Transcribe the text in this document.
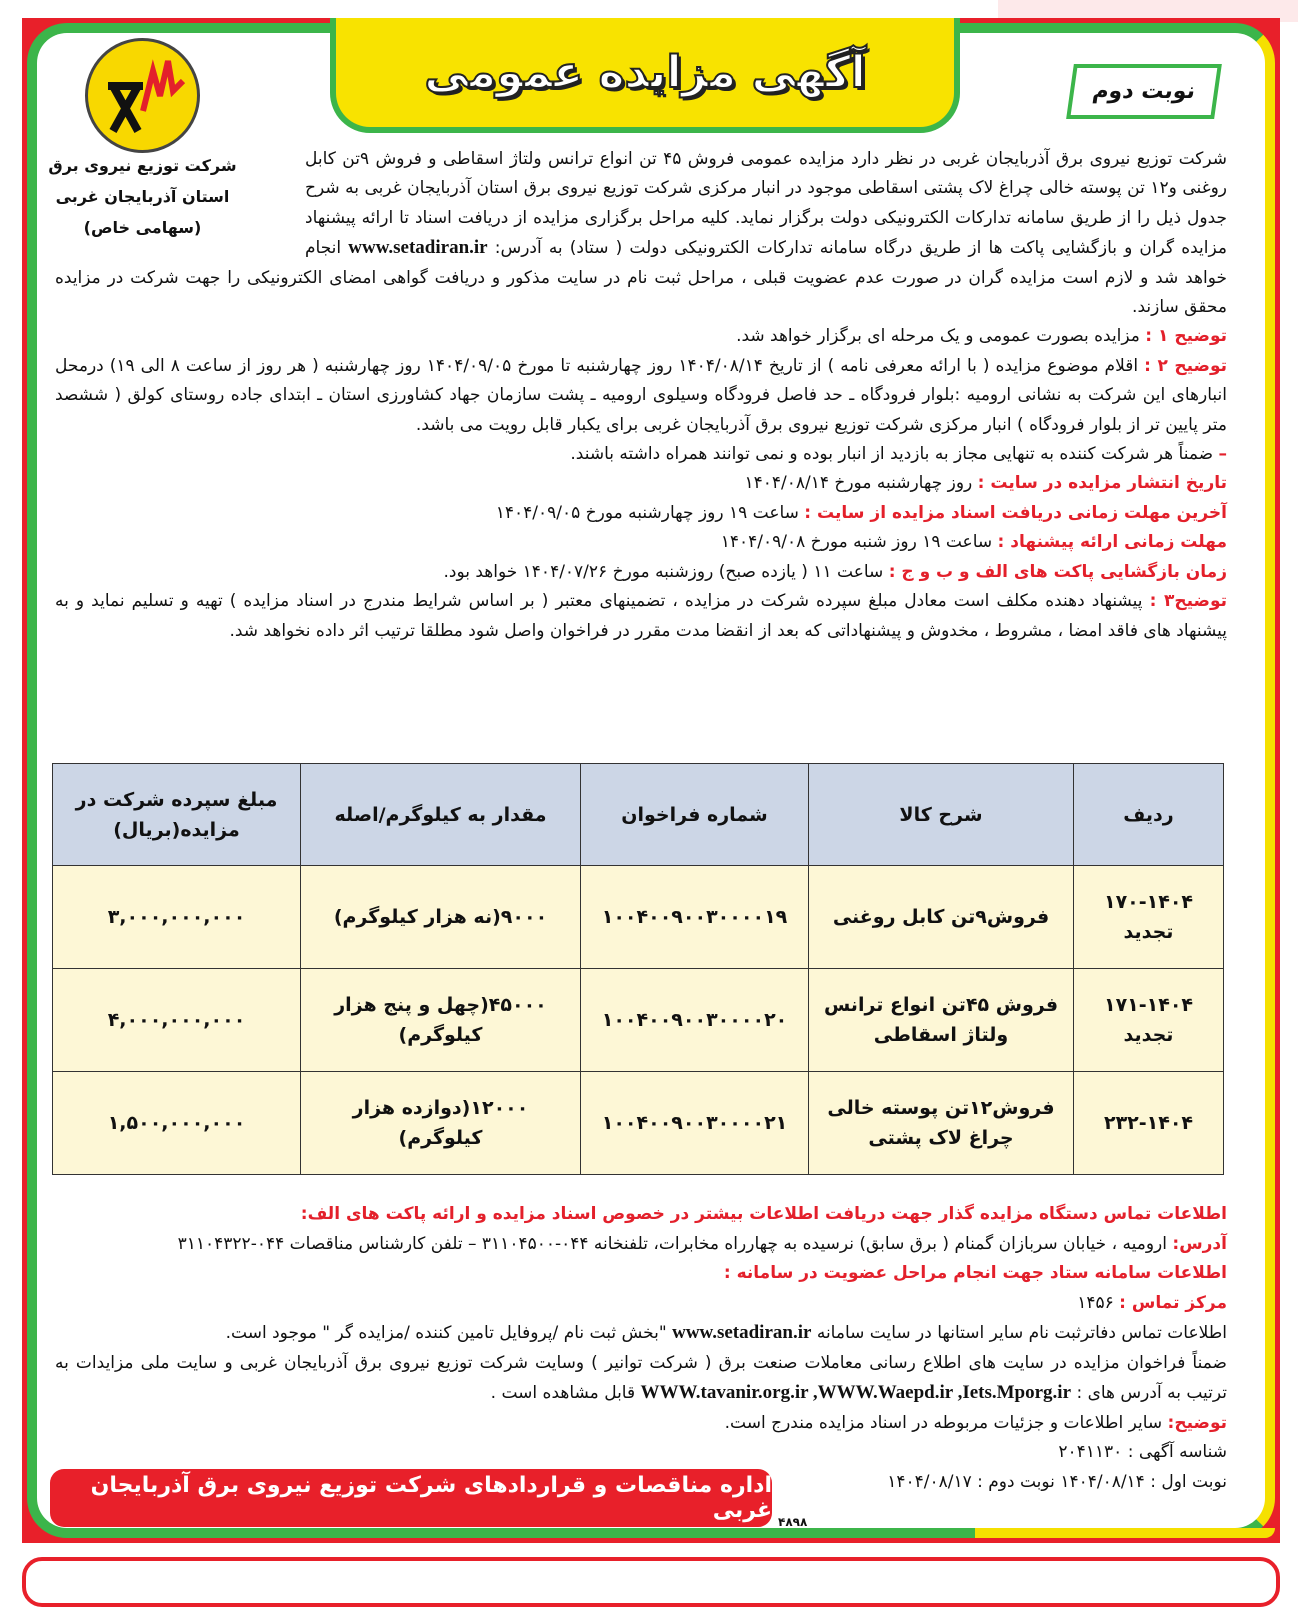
آگهی مزایده عمومی	نوبت دوم
شرکت توزیع نیروی برق
استان آذربایجان غربی
(سهامی خاص)

شرکت توزیع نیروی برق آذربایجان غربی در نظر دارد مزایده عمومی فروش ۴۵ تن انواع ترانس ولتاژ اسقاطی و فروش ۹تن کابل روغنی و۱۲ تن پوسته خالی چراغ لاک پشتی اسقاطی موجود در انبار مرکزی شرکت توزیع نیروی برق استان آذربایجان غربی به شرح جدول ذیل را از طریق سامانه تدارکات الکترونیکی دولت برگزار نماید. کلیه مراحل برگزاری مزایده از دریافت اسناد تا ارائه پیشنهاد مزایده گران و بازگشایی پاکت ها از طریق درگاه سامانه تدارکات الکترونیکی دولت ( ستاد) به آدرس: www.setadiran.ir انجام خواهد شد و لازم است مزایده گران در صورت عدم عضویت قبلی ، مراحل ثبت نام در سایت مذکور و دریافت گواهی امضای الکترونیکی را جهت شرکت در مزایده محقق سازند.

توضیح ۱ : مزایده بصورت عمومی و یک مرحله ای برگزار خواهد شد.

توضیح ۲ : اقلام موضوع مزایده ( با ارائه معرفی نامه ) از تاریخ ۱۴۰۴/۰۸/۱۴ روز چهارشنبه تا مورخ ۱۴۰۴/۰۹/۰۵ روز چهارشنبه ( هر روز از ساعت ۸ الی ۱۹) درمحل انبارهای این شرکت به نشانی ارومیه :بلوار فرودگاه ـ حد فاصل فرودگاه وسیلوی ارومیه ـ پشت سازمان جهاد کشاورزی استان ـ ابتدای جاده روستای کولق ( ششصد متر پایین تر از بلوار فرودگاه ) انبار مرکزی شرکت توزیع نیروی برق آذربایجان غربی برای یکبار قابل رویت می باشد.

– ضمناً هر شرکت کننده به تنهایی مجاز به بازدید از انبار بوده و نمی توانند همراه داشته باشند.

تاریخ انتشار مزایده در سایت : روز چهارشنبه مورخ ۱۴۰۴/۰۸/۱۴

آخرین مهلت زمانی دریافت اسناد مزایده از سایت : ساعت ۱۹ روز چهارشنبه مورخ ۱۴۰۴/۰۹/۰۵

مهلت زمانی ارائه پیشنهاد : ساعت ۱۹ روز شنبه مورخ ۱۴۰۴/۰۹/۰۸

زمان بازگشایی پاکت های الف و ب و ج : ساعت ۱۱ ( یازده صبح) روزشنبه مورخ ۱۴۰۴/۰۷/۲۶ خواهد بود.

توضیح۳ : پیشنهاد دهنده مکلف است معادل مبلغ سپرده شرکت در مزایده ، تضمینهای معتبر ( بر اساس شرایط مندرج در اسناد مزایده ) تهیه و تسلیم نماید و به پیشنهاد های فاقد امضا ، مشروط ، مخدوش و پیشنهاداتی که بعد از انقضا مدت مقرر در فراخوان واصل شود مطلقا ترتیب اثر داده نخواهد شد.

ردیف	شرح کالا	شماره فراخوان	مقدار به کیلوگرم/اصله	مبلغ سپرده شرکت در مزایده(بریال)
۱۷۰-۱۴۰۴ تجدید	فروش۹تن کابل روغنی	۱۰۰۴۰۰۹۰۰۳۰۰۰۰۱۹	۹۰۰۰(نه هزار کیلوگرم)	۳,۰۰۰,۰۰۰,۰۰۰
۱۷۱-۱۴۰۴ تجدید	فروش ۴۵تن انواع ترانس ولتاژ اسقاطی	۱۰۰۴۰۰۹۰۰۳۰۰۰۰۲۰	۴۵۰۰۰(چهل و پنج هزار کیلوگرم)	۴,۰۰۰,۰۰۰,۰۰۰
۲۳۲-۱۴۰۴	فروش۱۲تن پوسته خالی چراغ لاک پشتی	۱۰۰۴۰۰۹۰۰۳۰۰۰۰۲۱	۱۲۰۰۰(دوازده هزار کیلوگرم)	۱,۵۰۰,۰۰۰,۰۰۰

اطلاعات تماس دستگاه مزایده گذار جهت دریافت اطلاعات بیشتر در خصوص اسناد مزایده و ارائه پاکت های الف:

آدرس: ارومیه ، خیابان سربازان گمنام ( برق سابق) نرسیده به چهارراه مخابرات، تلفنخانه ۰۴۴-۳۱۱۰۴۵۰۰ – تلفن کارشناس مناقصات ۰۴۴-۳۱۱۰۴۳۲۲

اطلاعات سامانه ستاد جهت انجام مراحل عضویت در سامانه :

مرکز تماس : ۱۴۵۶

اطلاعات تماس دفاترثبت نام سایر استانها در سایت سامانه www.setadiran.ir "بخش ثبت نام /پروفایل تامین کننده /مزایده گر " موجود است.

ضمناً فراخوان مزایده در سایت های اطلاع رسانی معاملات صنعت برق ( شرکت توانیر ) وسایت شرکت توزیع نیروی برق آذربایجان غربی و سایت ملی مزایدات به ترتیب به آدرس های : WWW.tavanir.org.ir ,WWW.Waepd.ir ,Iets.Mporg.ir قابل مشاهده است .

توضیح: سایر اطلاعات و جزئیات مربوطه در اسناد مزایده مندرج است.

شناسه آگهی : ۲۰۴۱۱۳۰

نوبت اول : ۱۴۰۴/۰۸/۱۴ نوبت دوم : ۱۴۰۴/۰۸/۱۷

اداره مناقصات و قراردادهای شرکت توزیع نیروی برق آذربایجان غربی ۴۸۹۸
